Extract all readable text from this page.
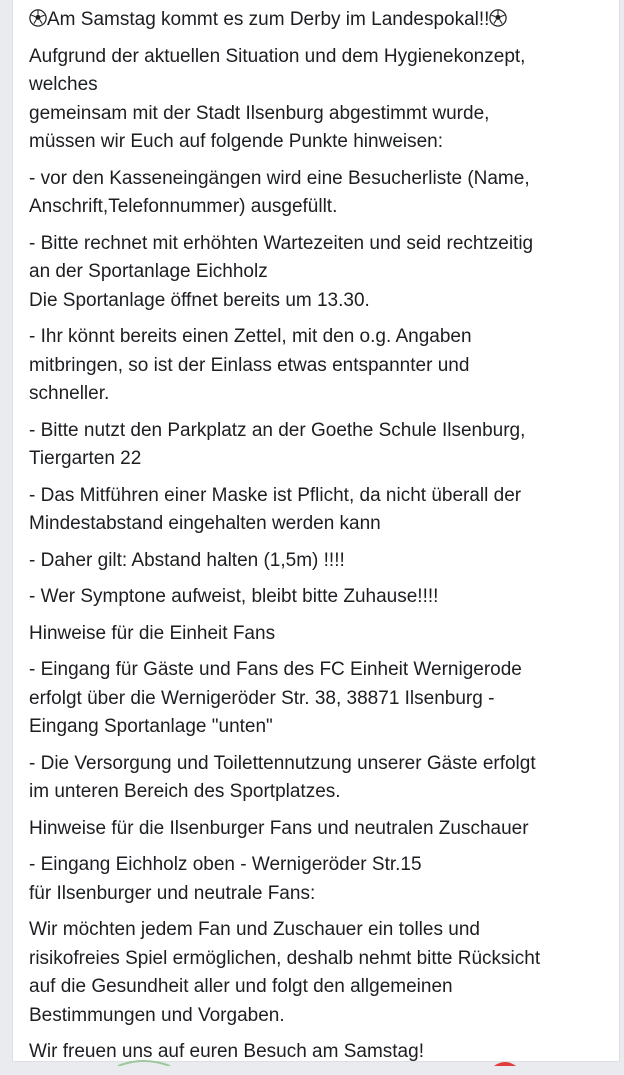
Am Samstag kommt es zum Derby im Landespokal!!

Aufgrund der aktuellen Situation und dem Hygienekonzept,
welches
gemeinsam mit der Stadt Ilsenburg abgestimmt wurde,
müssen wir Euch auf folgende Punkte hinweisen:

- vor den Kasseneingängen wird eine Besucherliste (Name,
Anschrift,Telefonnummer) ausgefüllt.

- Bitte rechnet mit erhöhten Wartezeiten und seid rechtzeitig
an der Sportanlage Eichholz
Die Sportanlage öffnet bereits um 13.30.

- Ihr könnt bereits einen Zettel, mit den o.g. Angaben
mitbringen, so ist der Einlass etwas entspannter und
schneller.

- Bitte nutzt den Parkplatz an der Goethe Schule Ilsenburg,
Tiergarten 22

- Das Mitführen einer Maske ist Pflicht, da nicht überall der
Mindestabstand eingehalten werden kann

- Daher gilt: Abstand halten (1,5m) !!!!

- Wer Symptone aufweist, bleibt bitte Zuhause!!!!

Hinweise für die Einheit Fans

- Eingang für Gäste und Fans des FC Einheit Wernigerode
erfolgt über die Wernigeröder Str. 38, 38871 Ilsenburg -
Eingang Sportanlage "unten"

- Die Versorgung und Toilettennutzung unserer Gäste erfolgt
im unteren Bereich des Sportplatzes.

Hinweise für die Ilsenburger Fans und neutralen Zuschauer

- Eingang Eichholz oben - Wernigeröder Str.15
für Ilsenburger und neutrale Fans:

Wir möchten jedem Fan und Zuschauer ein tolles und
risikofreies Spiel ermöglichen, deshalb nehmt bitte Rücksicht
auf die Gesundheit aller und folgt den allgemeinen
Bestimmungen und Vorgaben.

Wir freuen uns auf euren Besuch am Samstag!
